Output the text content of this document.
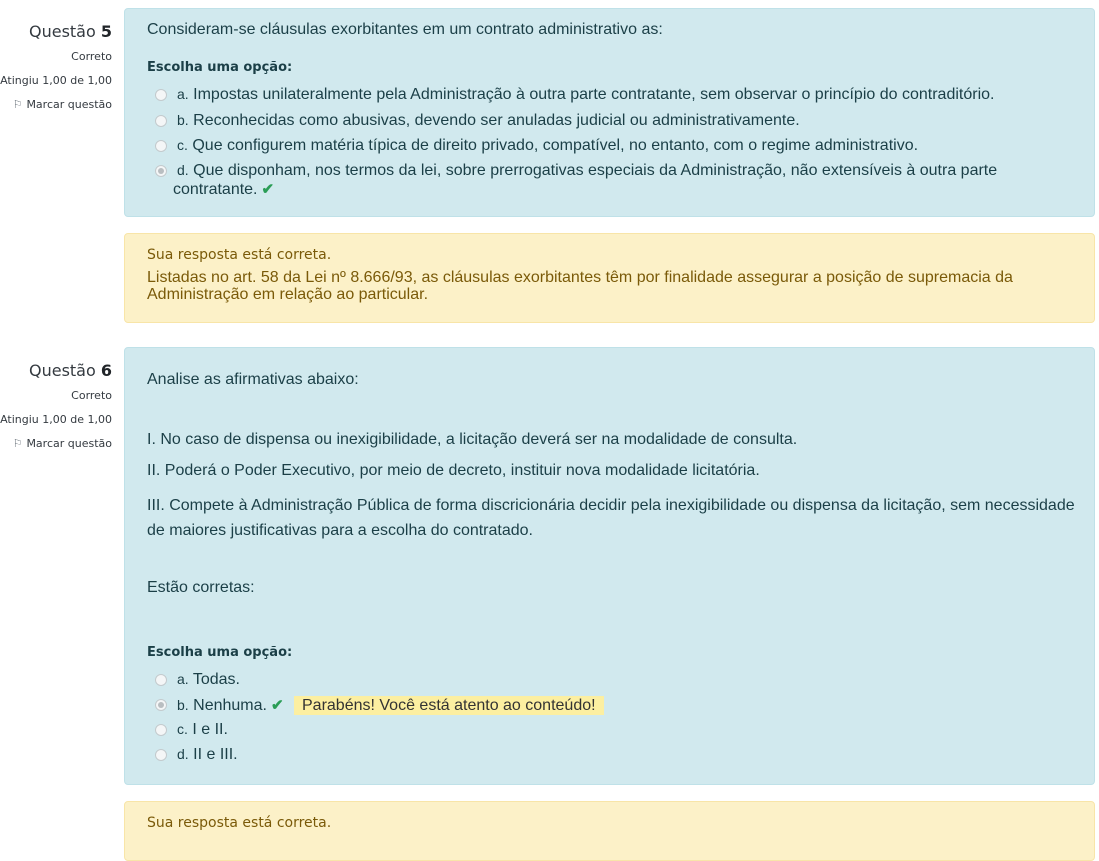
Questão 5
Correto
Atingiu 1,00 de 1,00
⚐ Marcar questão
Consideram-se cláusulas exorbitantes em um contrato administrativo as:
Escolha uma opção:
a. Impostas unilateralmente pela Administração à outra parte contratante, sem observar o princípio do contraditório.
b. Reconhecidas como abusivas, devendo ser anuladas judicial ou administrativamente.
c. Que configurem matéria típica de direito privado, compatível, no entanto, com o regime administrativo.
d. Que disponham, nos termos da lei, sobre prerrogativas especiais da Administração, não extensíveis à outra parte
contratante. ✔
Sua resposta está correta.
Listadas no art. 58 da Lei nº 8.666/93, as cláusulas exorbitantes têm por finalidade assegurar a posição de supremacia da
Administração em relação ao particular.
Questão 6
Correto
Atingiu 1,00 de 1,00
⚐ Marcar questão
Analise as afirmativas abaixo:
I. No caso de dispensa ou inexigibilidade, a licitação deverá ser na modalidade de consulta.
II. Poderá o Poder Executivo, por meio de decreto, instituir nova modalidade licitatória.
III. Compete à Administração Pública de forma discricionária decidir pela inexigibilidade ou dispensa da licitação, sem necessidade
de maiores justificativas para a escolha do contratado.
Estão corretas:
Escolha uma opção:
a. Todas.
b. Nenhuma. ✔ Parabéns! Você está atento ao conteúdo!
c. I e II.
d. II e III.
Sua resposta está correta.
